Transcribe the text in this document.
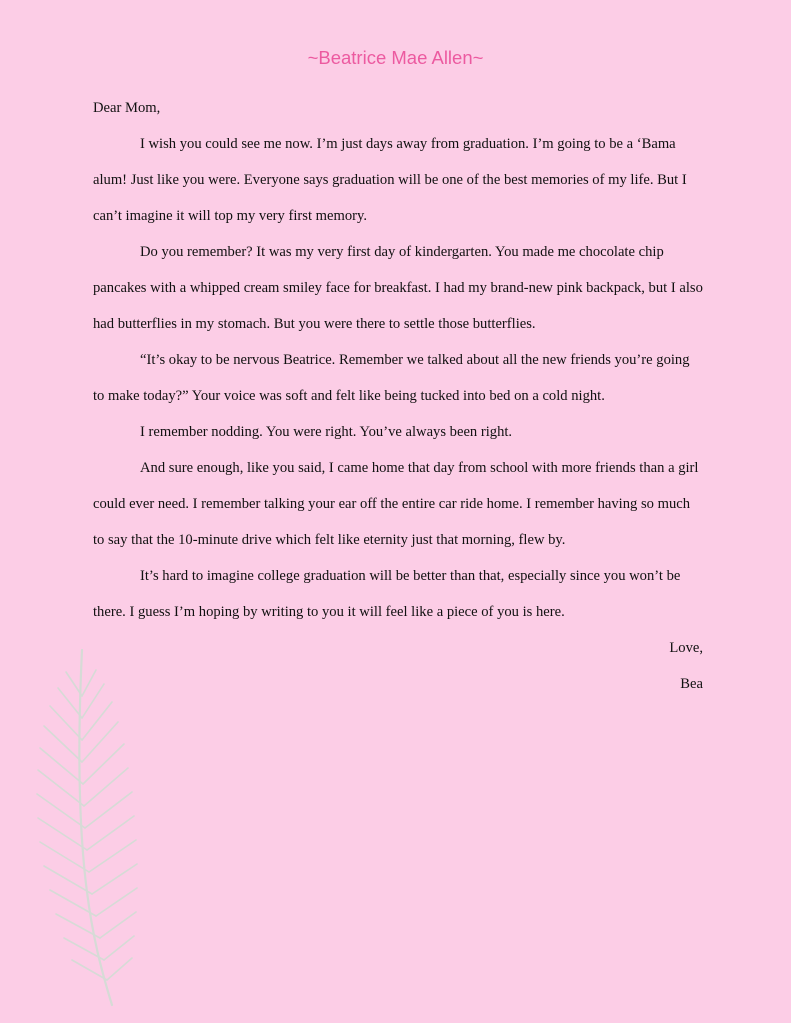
~Beatrice Mae Allen~

Dear Mom,

I wish you could see me now. I’m just days away from graduation. I’m going to be a ‘Bama alum! Just like you were. Everyone says graduation will be one of the best memories of my life. But I can’t imagine it will top my very first memory.

Do you remember? It was my very first day of kindergarten. You made me chocolate chip pancakes with a whipped cream smiley face for breakfast. I had my brand-new pink backpack, but I also had butterflies in my stomach. But you were there to settle those butterflies.

“It’s okay to be nervous Beatrice. Remember we talked about all the new friends you’re going to make today?” Your voice was soft and felt like being tucked into bed on a cold night.

I remember nodding. You were right. You’ve always been right.

And sure enough, like you said, I came home that day from school with more friends than a girl could ever need. I remember talking your ear off the entire car ride home. I remember having so much to say that the 10-minute drive which felt like eternity just that morning, flew by.

It’s hard to imagine college graduation will be better than that, especially since you won’t be there. I guess I’m hoping by writing to you it will feel like a piece of you is here.

Love,

Bea
